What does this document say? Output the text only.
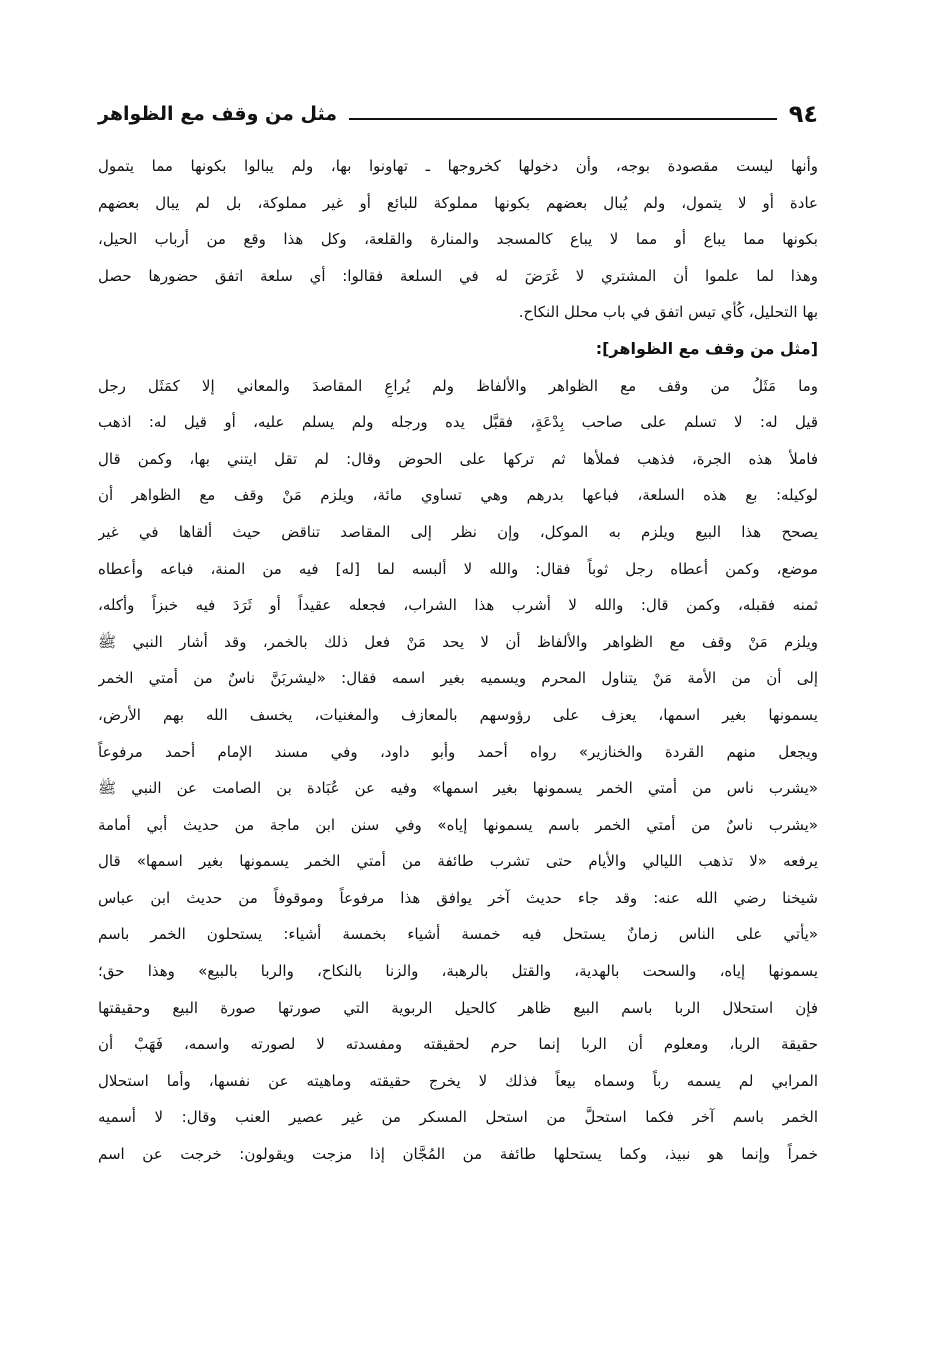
٩٤
مثل من وقف مع الظواهر
وأنها ليست مقصودة بوجه، وأن دخولها كخروجها ـ تهاونوا بها، ولم يبالوا بكونها مما يتمول
عادة أو لا يتمول، ولم يُبال بعضهم بكونها مملوكة للبائع أو غير مملوكة، بل لم يبال بعضهم
بكونها مما يباع أو مما لا يباع كالمسجد والمنارة والقلعة، وكل هذا وقع من أرباب الحيل،
وهذا لما علموا أن المشتري لا غَرَضَ له في السلعة فقالوا: أي سلعة اتفق حضورها حصل
بها التحليل، كُأي تيس اتفق في باب محلل النكاح.
[مثل من وقف مع الظواهر]:
وما مَثَلُ من وقف مع الظواهر والألفاظ ولم يُراعِ المقاصدَ والمعاني إلا كمَثَل رجل
قيل له: لا تسلم على صاحب بِدْعَةٍ، فقبَّل يده ورجله ولم يسلم عليه، أو قيل له: اذهب
فاملأ هذه الجرة، فذهب فملأها ثم تركها على الحوض وقال: لم تقل ايتني بها، وكمن قال
لوكيله: بع هذه السلعة، فباعها بدرهم وهي تساوي مائة، ويلزم مَنْ وقف مع الظواهر أن
يصحح هذا البيع ويلزم به الموكل، وإن نظر إلى المقاصد تناقض حيث ألقاها في غير
موضع، وكمن أعطاه رجل ثوباً فقال: والله لا ألبسه لما [له] فيه من المنة، فباعه وأعطاه
ثمنه فقبله، وكمن قال: والله لا أشرب هذا الشراب، فجعله عقيداً أو ثَرَدَ فيه خبزاً وأكله،
ويلزم مَنْ وقف مع الظواهر والألفاظ أن لا يحد مَنْ فعل ذلك بالخمر، وقد أشار النبي ﷺ
إلى أن من الأمة مَنْ يتناول المحرم ويسميه بغير اسمه فقال: «ليشربَنَّ ناسٌ من أمتي الخمر
يسمونها بغير اسمها، يعزف على رؤوسهم بالمعازف والمغنيات، يخسف الله بهم الأرض،
ويجعل منهم القردة والخنازير» رواه أحمد وأبو داود، وفي مسند الإمام أحمد مرفوعاً
«يشرب ناس من أمتي الخمر يسمونها بغير اسمها» وفيه عن عُبَادة بن الصامت عن النبي ﷺ
«يشرب ناسٌ من أمتي الخمر باسم يسمونها إياه» وفي سنن ابن ماجة من حديث أبي أمامة
يرفعه «لا تذهب الليالي والأيام حتى تشرب طائفة من أمتي الخمر يسمونها بغير اسمها» قال
شيخنا رضي الله عنه: وقد جاء حديث آخر يوافق هذا مرفوعاً وموقوفاً من حديث ابن عباس
«يأتي على الناس زمانٌ يستحل فيه خمسة أشياء بخمسة أشياء: يستحلون الخمر باسم
يسمونها إياه، والسحت بالهدية، والقتل بالرهبة، والزنا بالنكاح، والربا بالبيع» وهذا حق؛
فإن استحلال الربا باسم البيع ظاهر كالحيل الربوية التي صورتها صورة البيع وحقيقتها
حقيقة الربا، ومعلوم أن الربا إنما حرم لحقيقته ومفسدته لا لصورته واسمه، فَهَبْ أن
المرابي لم يسمه رباً وسماه بيعاً فذلك لا يخرج حقيقته وماهيته عن نفسها، وأما استحلال
الخمر باسم آخر فكما استحلَّ من استحل المسكر من غير عصير العنب وقال: لا أسميه
خمراً وإنما هو نبيذ، وكما يستحلها طائفة من المُجَّان إذا مزجت ويقولون: خرجت عن اسم
